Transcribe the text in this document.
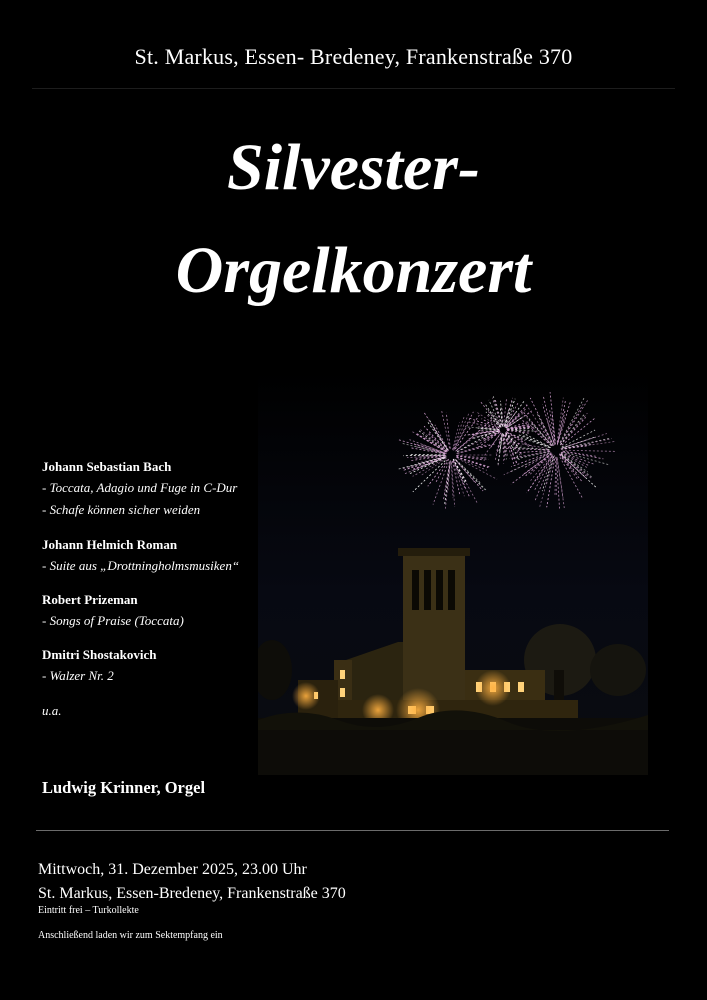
St. Markus, Essen- Bredeney, Frankenstraße 370
Silvester-
Orgelkonzert

Johann Sebastian Bach

- Toccata, Adagio und Fuge in C-Dur

- Schafe können sicher weiden

Johann Helmich Roman

- Suite aus „Drottningholmsmusiken“

Robert Prizeman

- Songs of Praise (Toccata)

Dmitri Shostakovich

- Walzer Nr. 2

u.a.
Ludwig Krinner, Orgel
Mittwoch, 31. Dezember 2025, 23.00 Uhr
St. Markus, Essen-Bredeney, Frankenstraße 370
Eintritt frei – Turkollekte
Anschließend laden wir zum Sektempfang ein
